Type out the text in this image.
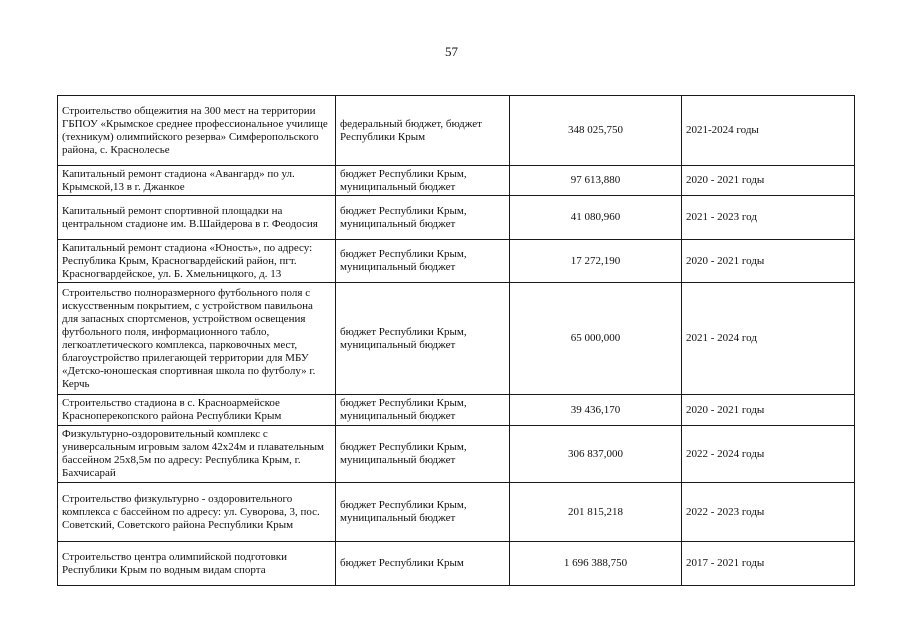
57
Строительство общежития на 300 мест на территории ГБПОУ «Крымское среднее профессиональное училище (техникум) олимпийского резерва» Симферопольского района, с. Краснолесье	федеральный бюджет, бюджет Республики Крым	348 025,750	2021-2024 годы
Капитальный ремонт стадиона «Авангард» по ул. Крымской,13 в г. Джанкое	бюджет Республики Крым, муниципальный бюджет	97 613,880	2020 - 2021 годы
Капитальный ремонт спортивной площадки на центральном стадионе им. В.Шайдерова в г. Феодосия	бюджет Республики Крым, муниципальный бюджет	41 080,960	2021 - 2023 год
Капитальный ремонт стадиона «Юность», по адресу: Республика Крым, Красногвардейский район, пгт. Красногвардейское, ул. Б. Хмельницкого, д. 13	бюджет Республики Крым, муниципальный бюджет	17 272,190	2020 - 2021 годы
Строительство полноразмерного футбольного поля с искусственным покрытием, с устройством павильона для запасных спортсменов, устройством освещения футбольного поля, информационного табло, легкоатлетического комплекса, парковочных мест, благоустройство прилегающей территории для МБУ «Детско-юношеская спортивная школа по футболу» г. Керчь	бюджет Республики Крым, муниципальный бюджет	65 000,000	2021 - 2024 год
Строительство стадиона в с. Красноармейское Красноперекопского района Республики Крым	бюджет Республики Крым, муниципальный бюджет	39 436,170	2020 - 2021 годы
Физкультурно-оздоровительный комплекс с универсальным игровым залом 42х24м и плавательным бассейном 25х8,5м по адресу: Республика Крым, г. Бахчисарай	бюджет Республики Крым, муниципальный бюджет	306 837,000	2022 - 2024 годы
Строительство физкультурно - оздоровительного комплекса с бассейном по адресу: ул. Суворова, 3, пос. Советский, Советского района Республики Крым	бюджет Республики Крым, муниципальный бюджет	201 815,218	2022 - 2023 годы
Строительство центра олимпийской подготовки Республики Крым по водным видам спорта	бюджет Республики Крым	1 696 388,750	2017 - 2021 годы
